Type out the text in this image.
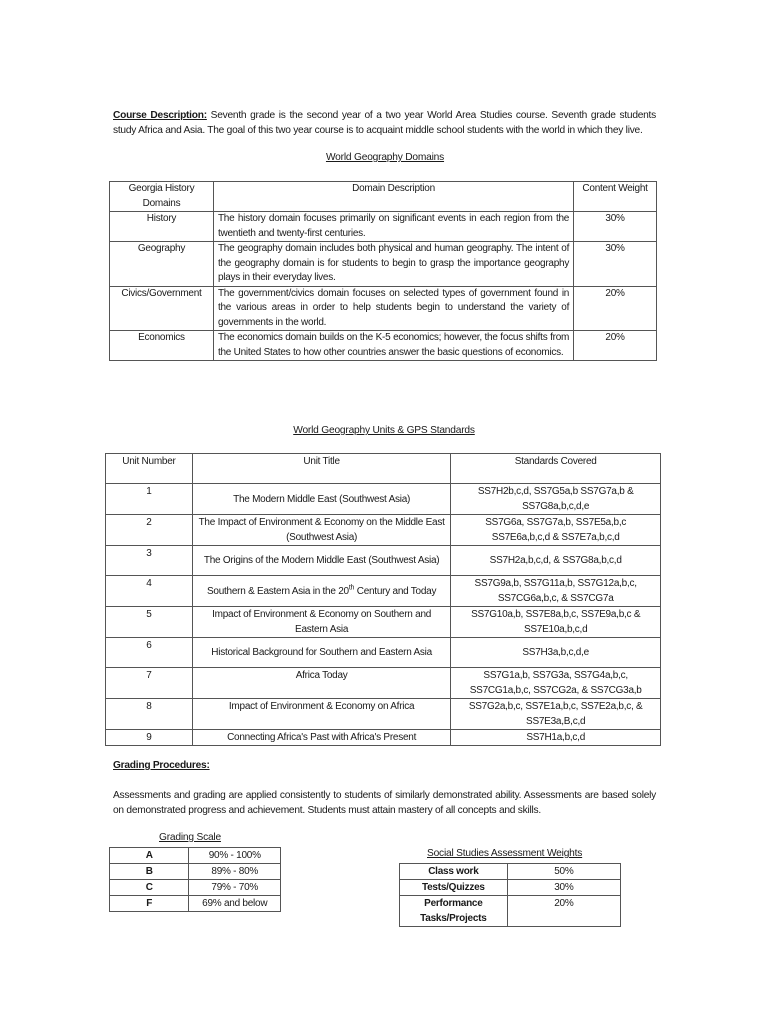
Course Description: Seventh grade is the second year of a two year World Area Studies course. Seventh grade students study Africa and Asia. The goal of this two year course is to acquaint middle school students with the world in which they live.
World Geography Domains
Georgia History Domains	Domain Description	Content Weight
History	The history domain focuses primarily on significant events in each region from the twentieth and twenty-first centuries.	30%
Geography	The geography domain includes both physical and human geography. The intent of the geography domain is for students to begin to grasp the importance geography plays in their everyday lives.	30%
Civics/Government	The government/civics domain focuses on selected types of government found in the various areas in order to help students begin to understand the variety of governments in the world.	20%
Economics	The economics domain builds on the K-5 economics; however, the focus shifts from the United States to how other countries answer the basic questions of economics.	20%
World Geography Units & GPS Standards
Unit Number	Unit Title	Standards Covered
1	The Modern Middle East (Southwest Asia)	SS7H2b,c,d, SS7G5a,b SS7G7a,b & SS7G8a,b,c,d,e
2	The Impact of Environment & Economy on the Middle East (Southwest Asia)	SS7G6a, SS7G7a,b, SS7E5a,b,c SS7E6a,b,c,d & SS7E7a,b,c,d
3	The Origins of the Modern Middle East (Southwest Asia)	SS7H2a,b,c,d, & SS7G8a,b,c,d
4	Southern & Eastern Asia in the 20th Century and Today	SS7G9a,b, SS7G11a,b, SS7G12a,b,c, SS7CG6a,b,c, & SS7CG7a
5	Impact of Environment & Economy on Southern and Eastern Asia	SS7G10a,b, SS7E8a,b,c, SS7E9a,b,c & SS7E10a,b,c,d
6	Historical Background for Southern and Eastern Asia	SS7H3a,b,c,d,e
7	Africa Today	SS7G1a,b, SS7G3a, SS7G4a,b,c, SS7CG1a,b,c, SS7CG2a, & SS7CG3a,b
8	Impact of Environment & Economy on Africa	SS7G2a,b,c, SS7E1a,b,c, SS7E2a,b,c, & SS7E3a,B,c,d
9	Connecting Africa's Past with Africa's Present	SS7H1a,b,c,d
Grading Procedures:
Assessments and grading are applied consistently to students of similarly demonstrated ability. Assessments are based solely on demonstrated progress and achievement. Students must attain mastery of all concepts and skills.
Grading Scale
A	90% - 100%
B	89% - 80%
C	79% - 70%
F	69% and below
Social Studies Assessment Weights
Class work	50%
Tests/Quizzes	30%
Performance Tasks/Projects	20%
